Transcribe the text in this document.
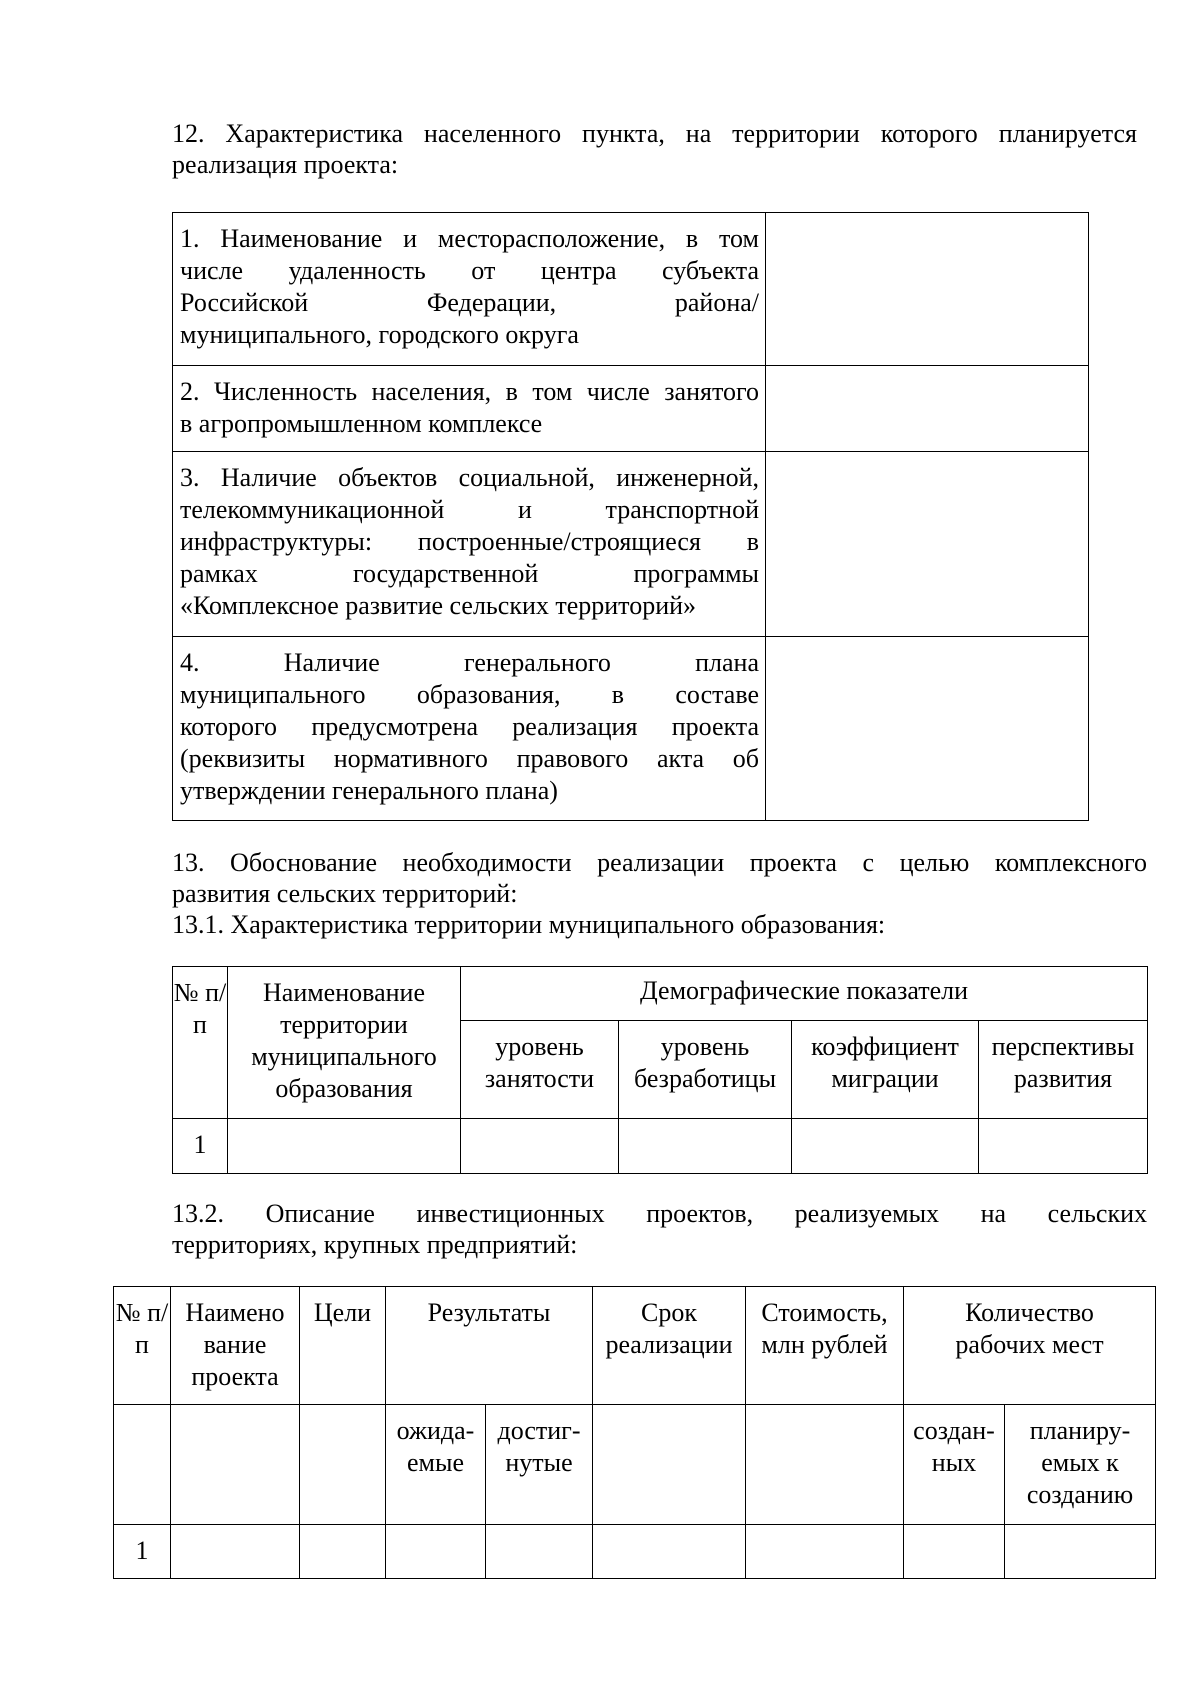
12. Характеристика населенного пункта, на территории которого планируется

реализация проекта:

1. Наименование и месторасположение, в том
числе удаленность от центра субъекта
Российской Федерации, района/
муниципального, городского округа	

2. Численность населения, в том числе занятого
в агропромышленном комплексе	

3. Наличие объектов социальной, инженерной,
телекоммуникационной и транспортной
инфраструктуры: построенные/строящиеся в
рамках государственной программы
«Комплексное развитие сельских территорий»	

4. Наличие генерального плана
муниципального образования, в составе
которого предусмотрена реализация проекта
(реквизиты нормативного правового акта об
утверждении генерального плана)	

13. Обоснование необходимости реализации проекта с целью комплексного

развития сельских территорий:

13.1. Характеристика территории муниципального образования:

№ п/п	Наименование территории муниципального образования	Демографические показатели			
		уровень занятости	уровень безработицы	коэффициент миграции	перспективы развития
1					

13.2. Описание инвестиционных проектов, реализуемых на сельских

территориях, крупных предприятий:

№ п/п	Наимено вание проекта	Цели	Результаты		Срок реализации	Стоимость, млн рублей	Количество рабочих мест	
			ожида-емые	достиг-нутые			создан-ных	планиру-емых к созданию
1								
